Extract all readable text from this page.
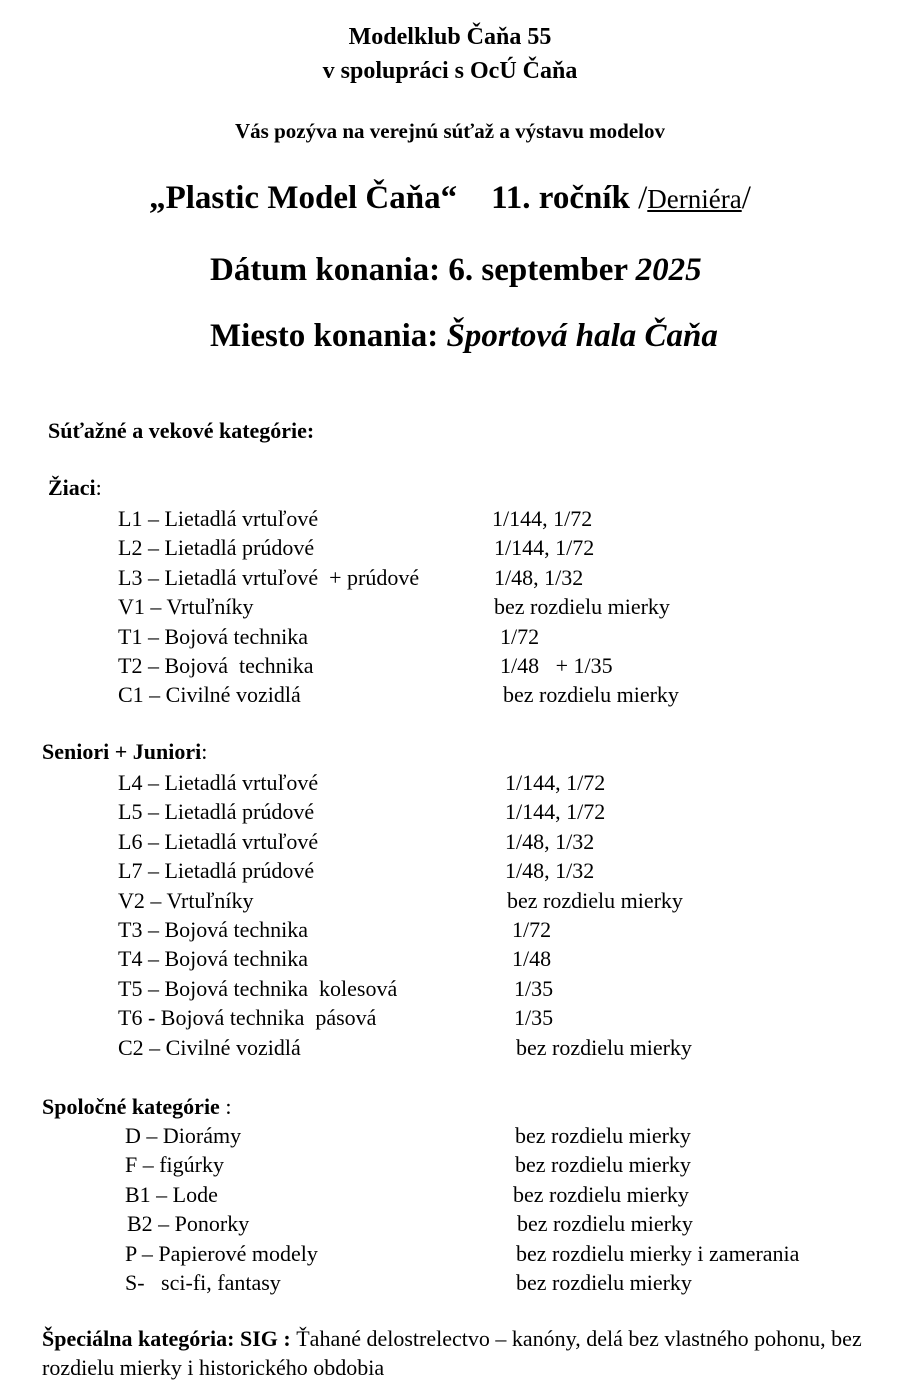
Modelklub Čaňa 55
v spolupráci s OcÚ Čaňa
Vás pozýva na verejnú súťaž a výstavu modelov
„Plastic Model Čaňa“ 11. ročník /Derniéra/
Dátum konania: 6. september 2025
Miesto konania: Športová hala Čaňa
Súťažné a vekové kategórie:
Žiaci:
L1 – Lietadlá vrtuľové	1/144, 1/72
L2 – Lietadlá prúdové	1/144, 1/72
L3 – Lietadlá vrtuľové  + prúdové	1/48, 1/32
V1 – Vrtuľníky	bez rozdielu mierky
T1 – Bojová technika	1/72
T2 – Bojová  technika	1/48   + 1/35
C1 – Civilné vozidlá	bez rozdielu mierky
Seniori + Juniori:
L4 – Lietadlá vrtuľové	1/144, 1/72
L5 – Lietadlá prúdové	1/144, 1/72
L6 – Lietadlá vrtuľové	1/48, 1/32
L7 – Lietadlá prúdové	1/48, 1/32
V2 – Vrtuľníky	bez rozdielu mierky
T3 – Bojová technika	1/72
T4 – Bojová technika	1/48
T5 – Bojová technika  kolesová	1/35
T6 - Bojová technika  pásová	1/35
C2 – Civilné vozidlá	bez rozdielu mierky
Spoločné kategórie :
D – Diorámy	bez rozdielu mierky
F – figúrky	bez rozdielu mierky
B1 – Lode	bez rozdielu mierky
B2 – Ponorky	bez rozdielu mierky
P – Papierové modely	bez rozdielu mierky i zamerania
S-   sci-fi, fantasy	bez rozdielu mierky
Špeciálna kategória: SIG : Ťahané delostrelectvo – kanóny, delá bez vlastného pohonu, bez rozdielu mierky i historického obdobia
